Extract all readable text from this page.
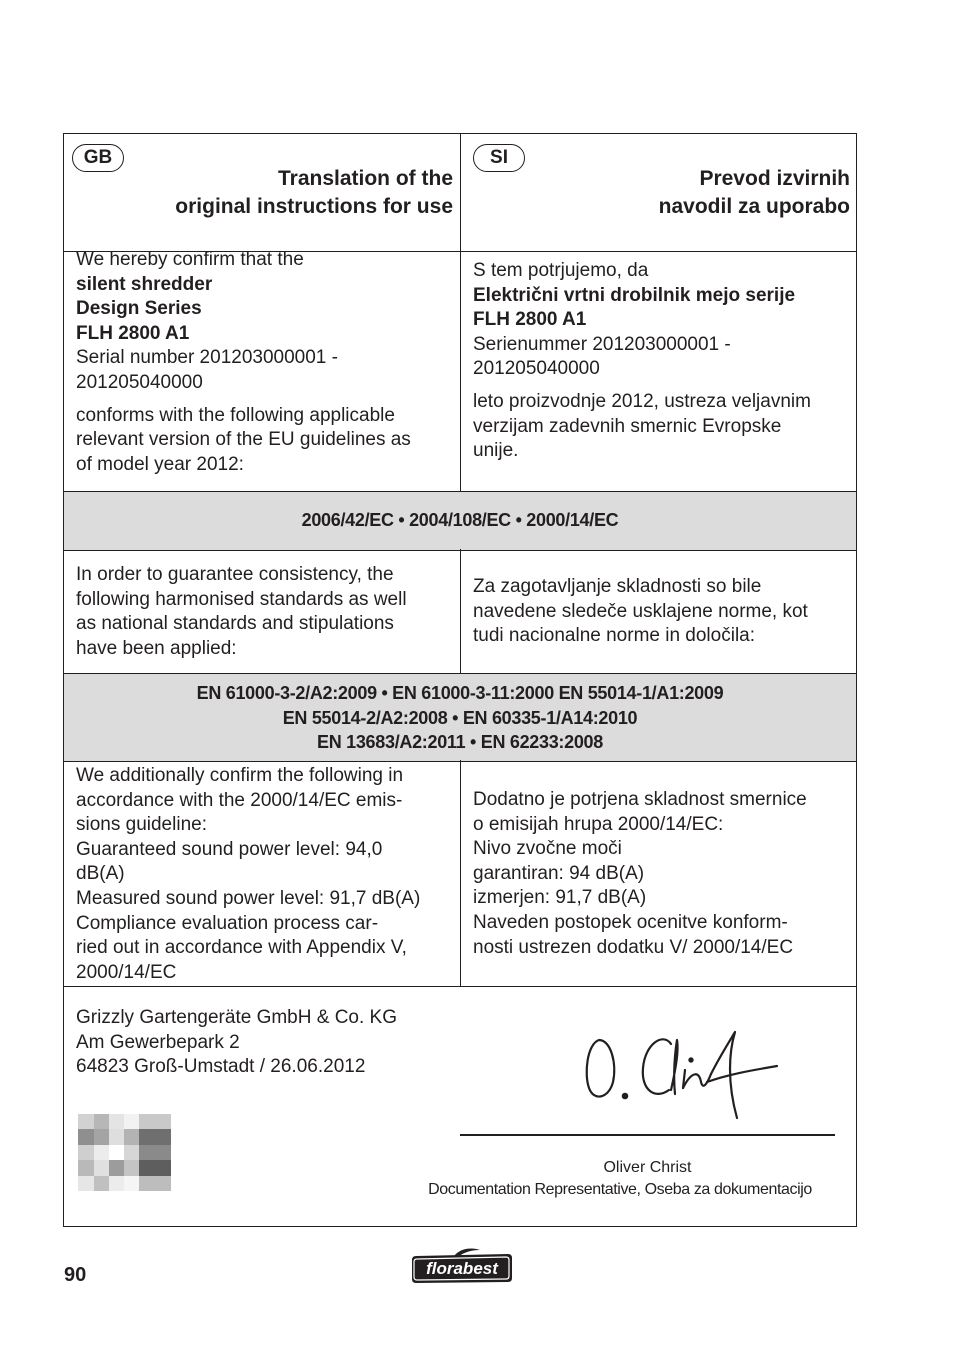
GB
Translation of the
original instructions for use
SI
Prevod izvirnih
navodil za uporabo
We hereby confirm that the
silent shredder
Design Series
FLH 2800 A1
Serial number 201203000001 -
201205040000
conforms with the following applicable
relevant version of the EU guidelines as
of model year 2012:
S tem potrjujemo, da
Električni vrtni drobilnik mejo serije
FLH 2800 A1
Serienummer 201203000001 -
201205040000
leto proizvodnje 2012, ustreza veljavnim
verzijam zadevnih smernic Evropske
unije.
2006/42/EC • 2004/108/EC • 2000/14/EC
In order to guarantee consistency, the
following harmonised standards as well
as national standards and stipulations
have been applied:
Za zagotavljanje skladnosti so bile
navedene sledeče usklajene norme, kot
tudi nacionalne norme in določila:
EN 61000-3-2/A2:2009 • EN 61000-3-11:2000 EN 55014-1/A1:2009
EN 55014-2/A2:2008 • EN 60335-1/A14:2010
EN 13683/A2:2011 • EN 62233:2008
We additionally confirm the following in
accordance with the 2000/14/EC emis-
sions guideline:
Guaranteed sound power level: 94,0
dB(A)
Measured sound power level: 91,7 dB(A)
Compliance evaluation process car-
ried out in accordance with Appendix V,
2000/14/EC
Dodatno je potrjena skladnost smernice
o emisijah hrupa 2000/14/EC:
Nivo zvočne moči
garantiran: 94 dB(A)
izmerjen: 91,7 dB(A)
Naveden postopek ocenitve konform-
nosti ustrezen dodatku V/ 2000/14/EC
Grizzly Gartengeräte GmbH & Co. KG
Am Gewerbepark 2
64823 Groß-Umstadt / 26.06.2012
Oliver Christ
Documentation Representative, Oseba za dokumentacijo
90	florabest
